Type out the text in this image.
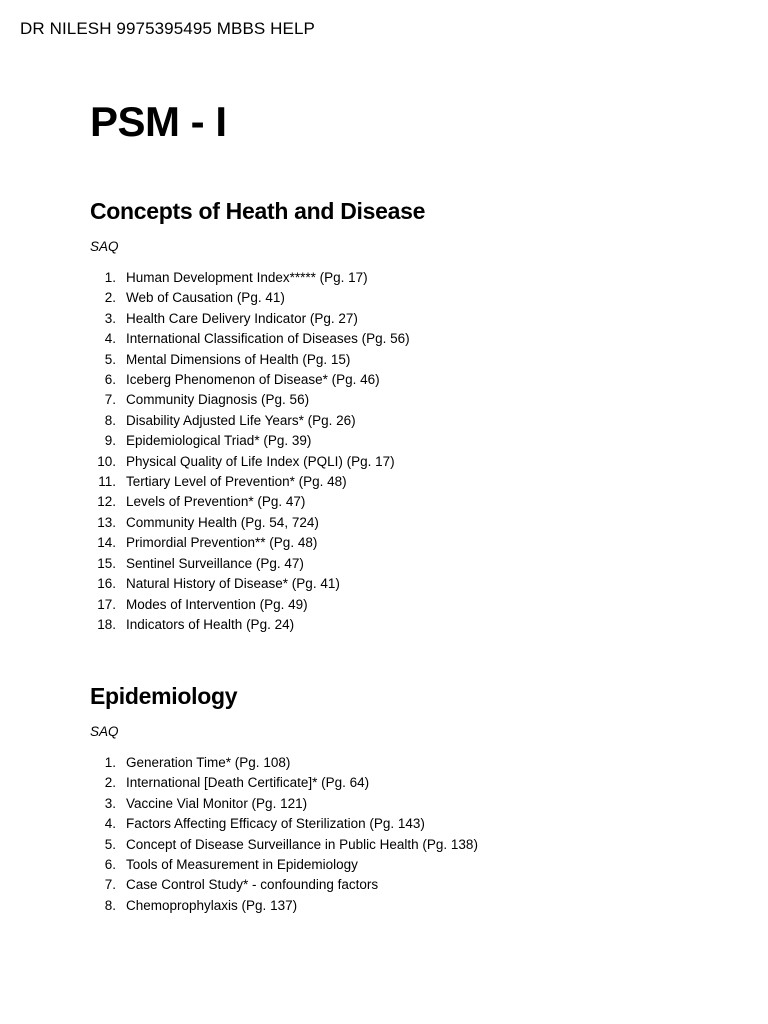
DR NILESH 9975395495 MBBS HELP
PSM - I
Concepts of Heath and Disease

SAQ

1. Human Development Index***** (Pg. 17)
2. Web of Causation (Pg. 41)
3. Health Care Delivery Indicator (Pg. 27)
4. International Classification of Diseases (Pg. 56)
5. Mental Dimensions of Health (Pg. 15)
6. Iceberg Phenomenon of Disease* (Pg. 46)
7. Community Diagnosis (Pg. 56)
8. Disability Adjusted Life Years* (Pg. 26)
9. Epidemiological Triad* (Pg. 39)
10. Physical Quality of Life Index (PQLI) (Pg. 17)
11. Tertiary Level of Prevention* (Pg. 48)
12. Levels of Prevention* (Pg. 47)
13. Community Health (Pg. 54, 724)
14. Primordial Prevention** (Pg. 48)
15. Sentinel Surveillance (Pg. 47)
16. Natural History of Disease* (Pg. 41)
17. Modes of Intervention (Pg. 49)
18. Indicators of Health (Pg. 24)
Epidemiology

SAQ

1. Generation Time* (Pg. 108)
2. International [Death Certificate]* (Pg. 64)
3. Vaccine Vial Monitor (Pg. 121)
4. Factors Affecting Efficacy of Sterilization (Pg. 143)
5. Concept of Disease Surveillance in Public Health (Pg. 138)
6. Tools of Measurement in Epidemiology
7. Case Control Study* - confounding factors
8. Chemoprophylaxis (Pg. 137)
